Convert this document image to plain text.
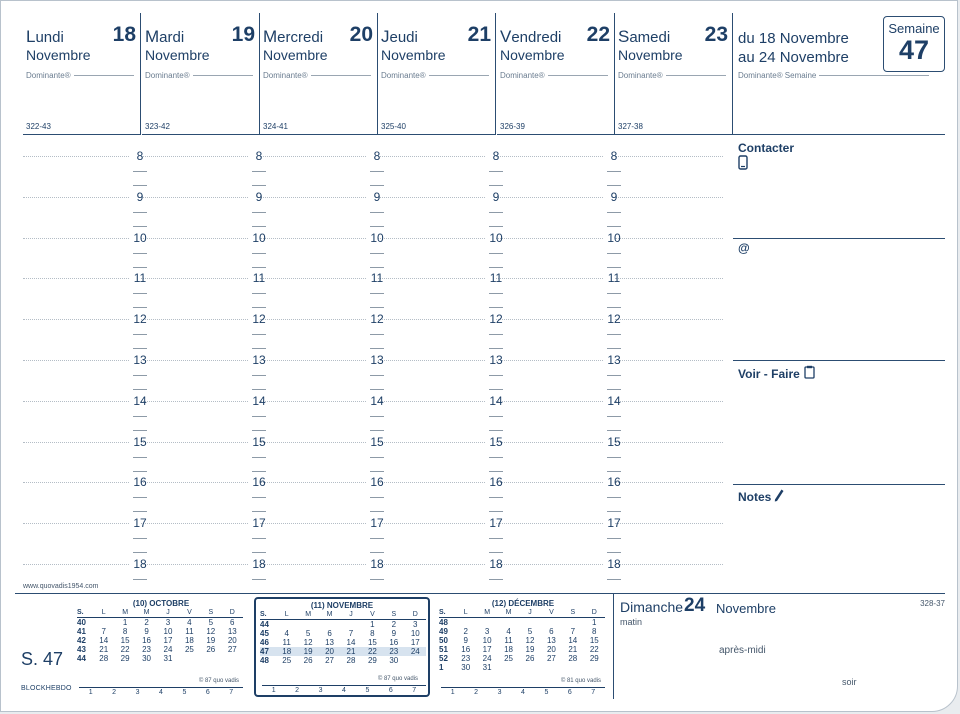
Lundi
Novembre
18
Dominante®
322-43
Mardi
Novembre
19
Dominante®
323-42
Mercredi
Novembre
20
Dominante®
324-41
Jeudi
Novembre
21
Dominante®
325-40
Vendredi
Novembre
22
Dominante®
326-39
Samedi
Novembre
23
Dominante®
327-38
du 18 Novembre
au 24 Novembre
Semaine
47
Dominante® Semaine
8	8	8	8	8
9	9	9	9	9
10	10	10	10	10
11	11	11	11	11
12	12	12	12	12
13	13	13	13	13
14	14	14	14	14
15	15	15	15	15
16	16	16	16	16
17	17	17	17	17
18	18	18	18	18
Contacter
@
Voir - Faire
Notes
www.quovadis1954.com
S. 47
BLOCKHEBDO
(10) OCTOBRE
S.	L	M	M	J	V	S	D
40		1	2	3	4	5	6
41	7	8	9	10	11	12	13
42	14	15	16	17	18	19	20
43	21	22	23	24	25	26	27
44	28	29	30	31			
© 87 quo vadis
1	2	3	4	5	6	7
(11) NOVEMBRE
S.	L	M	M	J	V	S	D
44					1	2	3
45	4	5	6	7	8	9	10
46	11	12	13	14	15	16	17
47	18	19	20	21	22	23	24
48	25	26	27	28	29	30	
© 87 quo vadis
1	2	3	4	5	6	7
(12) DÉCEMBRE
S.	L	M	M	J	V	S	D
48							1
49	2	3	4	5	6	7	8
50	9	10	11	12	13	14	15
51	16	17	18	19	20	21	22
52	23	24	25	26	27	28	29
1	30	31					
© 81 quo vadis
1	2	3	4	5	6	7
Dimanche 24 Novembre	328-37
matin
après-midi
soir
